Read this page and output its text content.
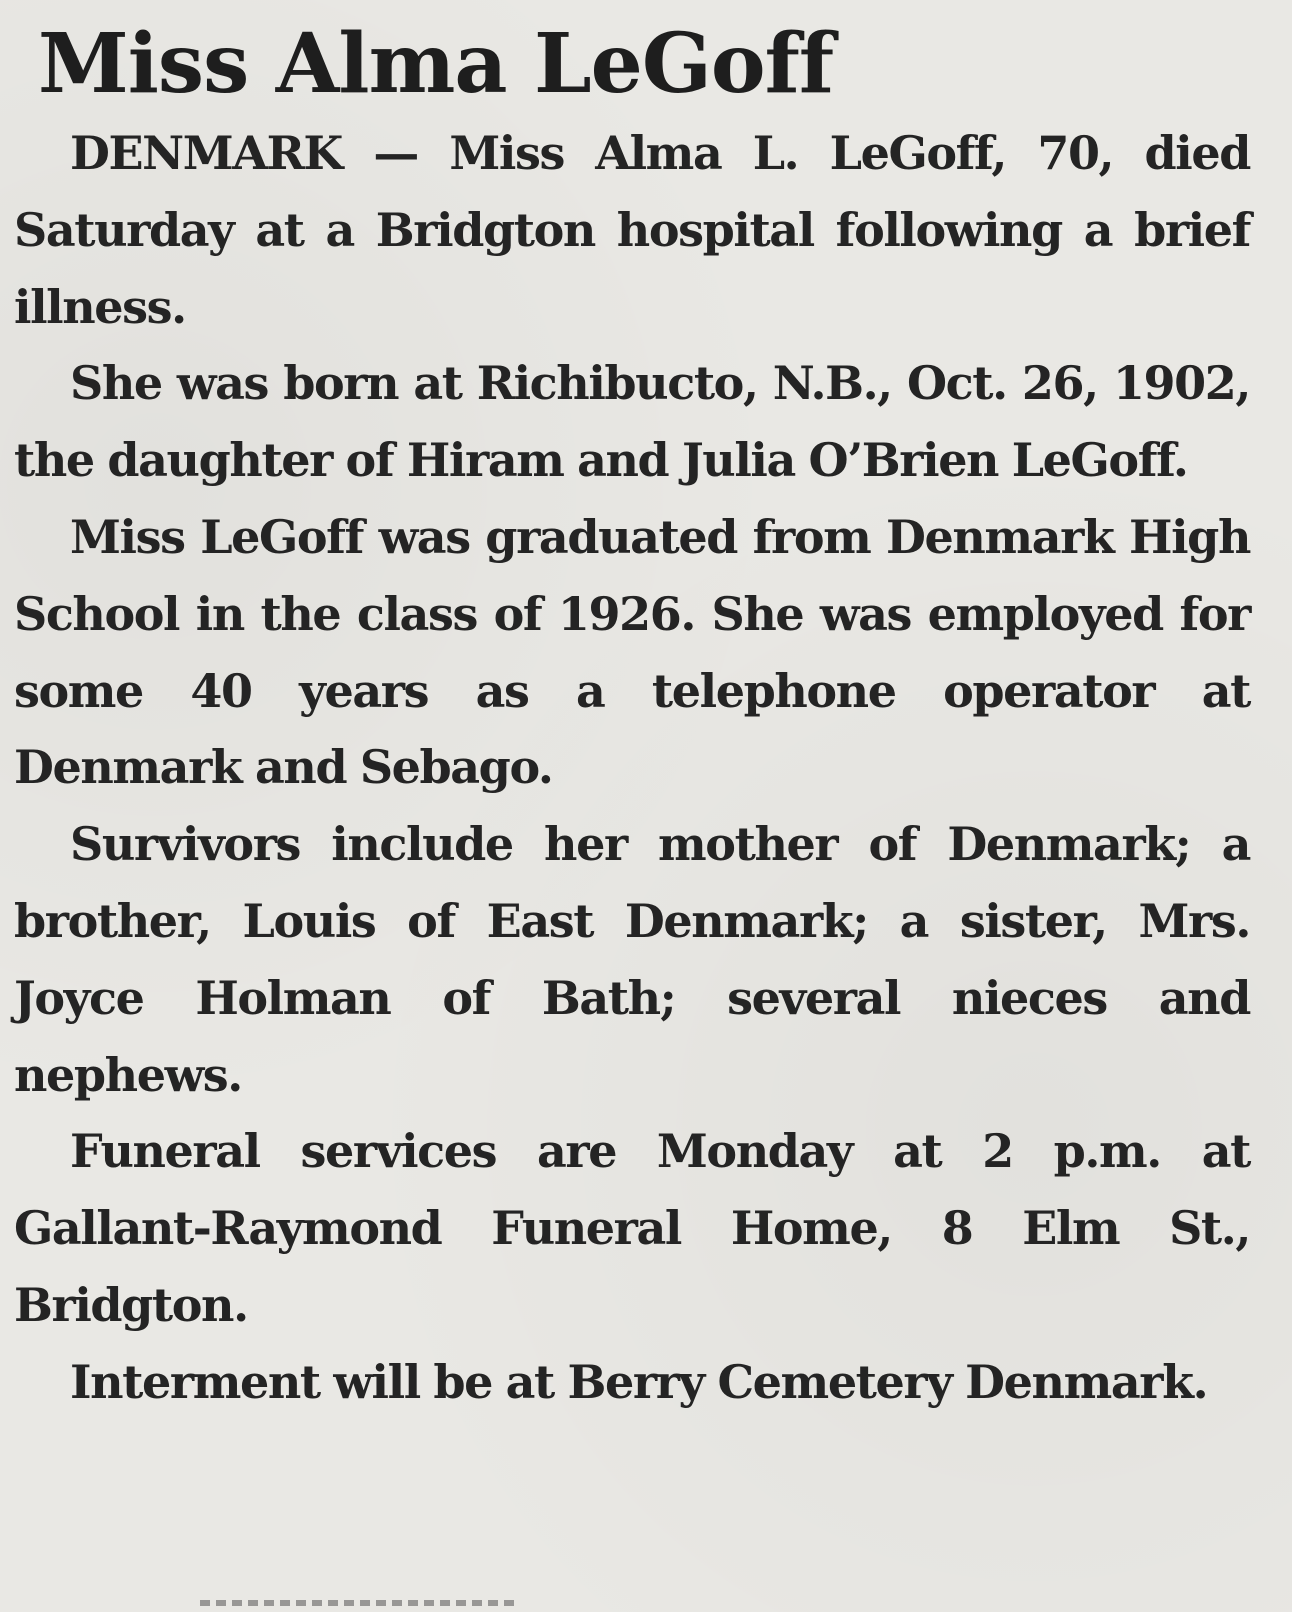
Miss Alma LeGoff

DENMARK — Miss Alma L. LeGoff, 70, died Saturday at a Bridgton hospital following a brief illness.

She was born at Richibucto, N.B., Oct. 26, 1902, the daughter of Hiram and Julia O’Brien LeGoff.

Miss LeGoff was graduated from Denmark High School in the class of 1926. She was employed for some 40 years as a telephone operator at Denmark and Sebago.

Survivors include her mother of Denmark; a brother, Louis of East Denmark; a sister, Mrs. Joyce Holman of Bath; several nieces and nephews.

Funeral services are Monday at 2 p.m. at Gallant-Raymond Funeral Home, 8 Elm St., Bridgton.

Interment will be at Berry Cemetery Denmark.
